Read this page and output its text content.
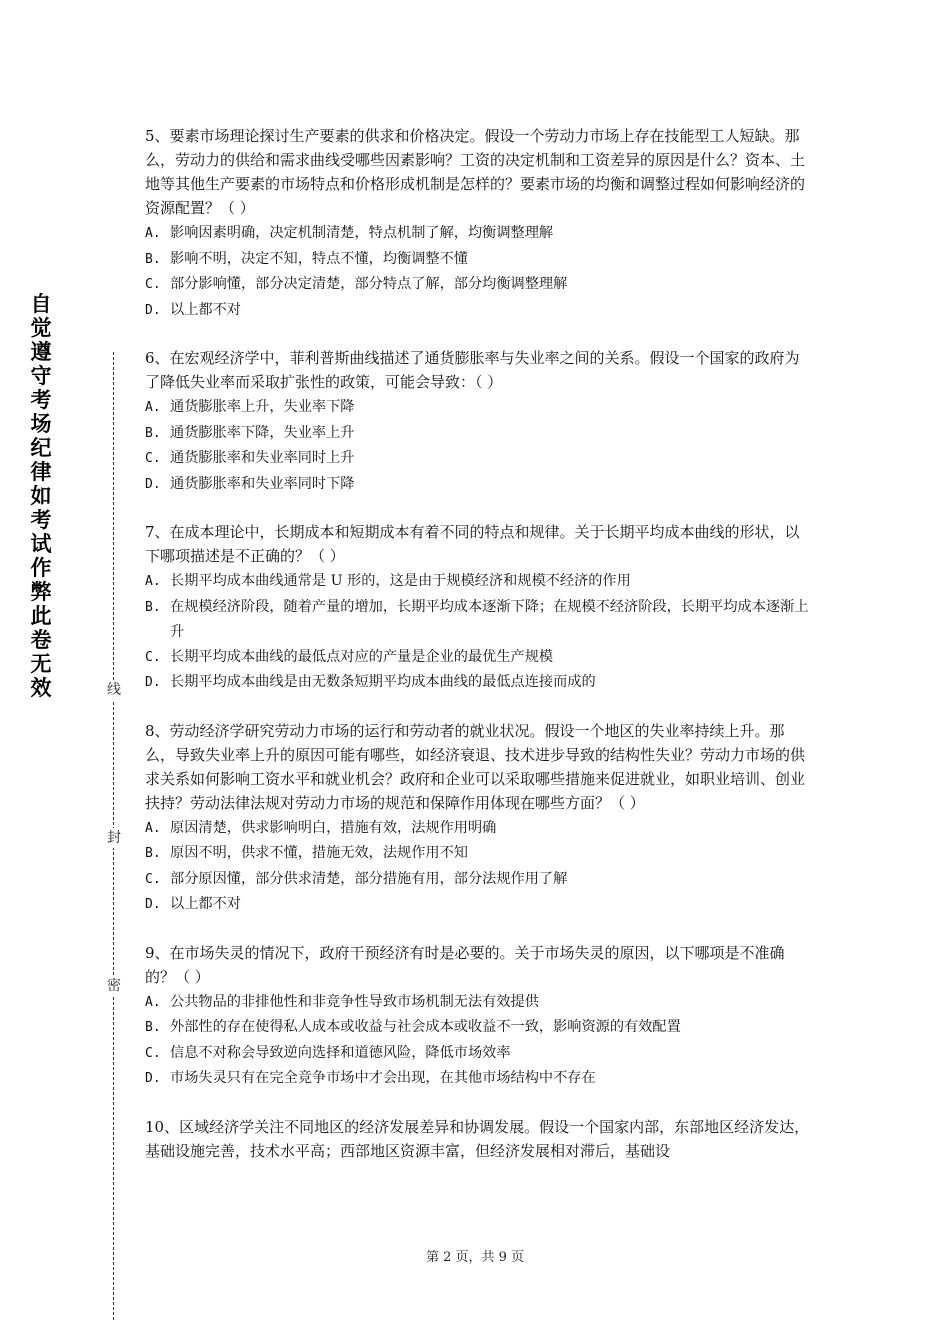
自觉遵守考场纪律如考试作弊此卷无效	线
封
密

5、要素市场理论探讨生产要素的供求和价格决定。假设一个劳动力市场上存在技能型工人短缺。那么，劳动力的供给和需求曲线受哪些因素影响？工资的决定机制和工资差异的原因是什么？资本、土地等其他生产要素的市场特点和价格形成机制是怎样的？要素市场的均衡和调整过程如何影响经济的资源配置？（ ）

A. 影响因素明确，决定机制清楚，特点机制了解，均衡调整理解
B. 影响不明，决定不知，特点不懂，均衡调整不懂
C. 部分影响懂，部分决定清楚，部分特点了解，部分均衡调整理解
D. 以上都不对

6、在宏观经济学中，菲利普斯曲线描述了通货膨胀率与失业率之间的关系。假设一个国家的政府为了降低失业率而采取扩张性的政策，可能会导致：（ ）

A. 通货膨胀率上升，失业率下降
B. 通货膨胀率下降，失业率上升
C. 通货膨胀率和失业率同时上升
D. 通货膨胀率和失业率同时下降

7、在成本理论中，长期成本和短期成本有着不同的特点和规律。关于长期平均成本曲线的形状，以下哪项描述是不正确的？（ ）

A. 长期平均成本曲线通常是 U 形的，这是由于规模经济和规模不经济的作用
B. 在规模经济阶段，随着产量的增加，长期平均成本逐渐下降；在规模不经济阶段，长期平均成本逐渐上升
C. 长期平均成本曲线的最低点对应的产量是企业的最优生产规模
D. 长期平均成本曲线是由无数条短期平均成本曲线的最低点连接而成的

8、劳动经济学研究劳动力市场的运行和劳动者的就业状况。假设一个地区的失业率持续上升。那么，导致失业率上升的原因可能有哪些，如经济衰退、技术进步导致的结构性失业？劳动力市场的供求关系如何影响工资水平和就业机会？政府和企业可以采取哪些措施来促进就业，如职业培训、创业扶持？劳动法律法规对劳动力市场的规范和保障作用体现在哪些方面？（ ）

A. 原因清楚，供求影响明白，措施有效，法规作用明确
B. 原因不明，供求不懂，措施无效，法规作用不知
C. 部分原因懂，部分供求清楚，部分措施有用，部分法规作用了解
D. 以上都不对

9、在市场失灵的情况下，政府干预经济有时是必要的。关于市场失灵的原因，以下哪项是不准确的？（ ）

A. 公共物品的非排他性和非竞争性导致市场机制无法有效提供
B. 外部性的存在使得私人成本或收益与社会成本或收益不一致，影响资源的有效配置
C. 信息不对称会导致逆向选择和道德风险，降低市场效率
D. 市场失灵只有在完全竞争市场中才会出现，在其他市场结构中不存在

10、区域经济学关注不同地区的经济发展差异和协调发展。假设一个国家内部，东部地区经济发达，基础设施完善，技术水平高；西部地区资源丰富，但经济发展相对滞后，基础设

第 2 页，共 9 页
